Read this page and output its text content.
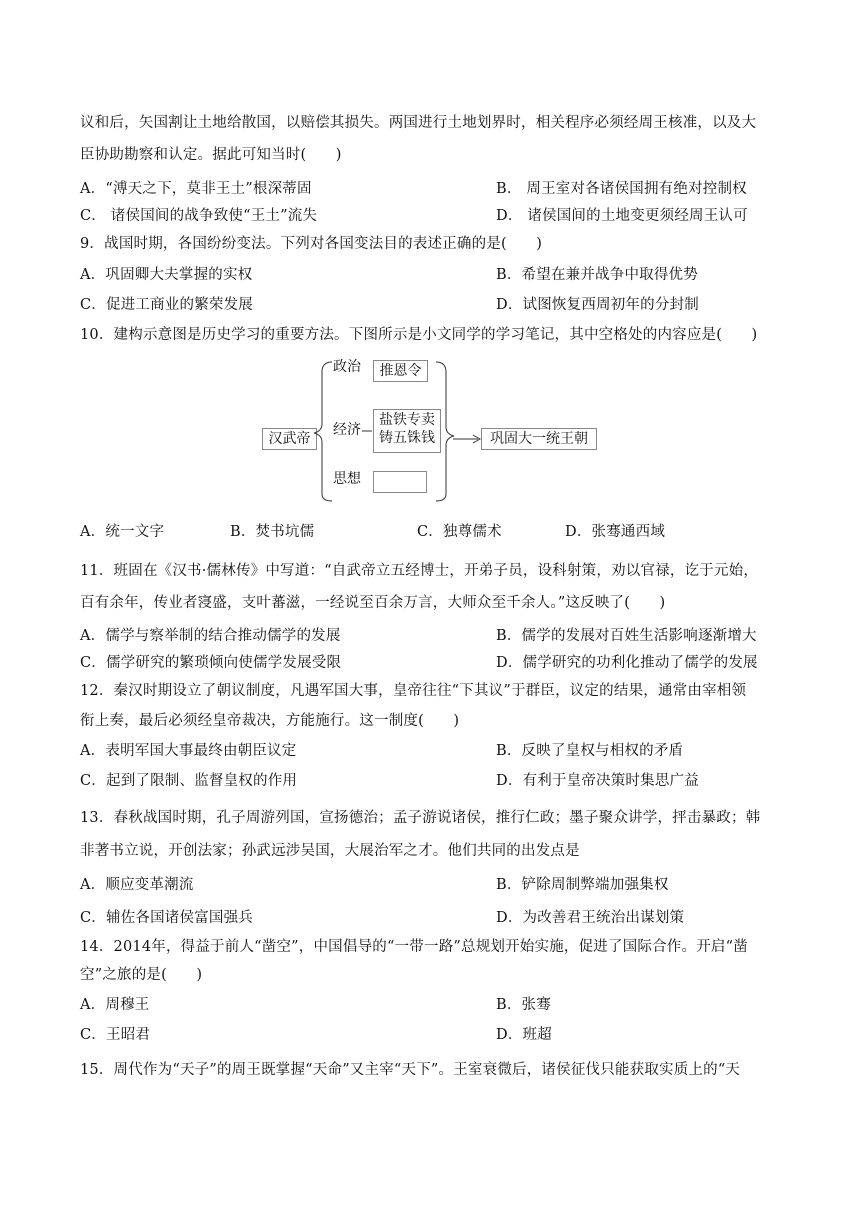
议和后，矢国割让土地给散国，以赔偿其损失。两国进行土地划界时，相关程序必须经周王核准，以及大
臣协助勘察和认定。据此可知当时(　　)
A．“溥天之下，莫非王土”根深蒂固	B． 周王室对各诸侯国拥有绝对控制权
C． 诸侯国间的战争致使“王土”流失	D． 诸侯国间的土地变更须经周王认可
9．战国时期，各国纷纷变法。下列对各国变法目的表述正确的是(　　)
A．巩固卿大夫掌握的实权	B．希望在兼并战争中取得优势
C．促进工商业的繁荣发展	D．试图恢复西周初年的分封制
10．建构示意图是历史学习的重要方法。下图所示是小文同学的学习笔记，其中空格处的内容应是(　　)
汉武帝
政治	推恩令
经济
盐铁专卖
铸五铢钱
思想
巩固大一统王朝
A．统一文字	B．焚书坑儒	C．独尊儒术	D．张骞通西域
11．班固在《汉书·儒林传》中写道：“自武帝立五经博士，开弟子员，设科射策，劝以官禄，讫于元始，
百有余年，传业者寖盛，支叶蕃滋，一经说至百余万言，大师众至千余人。”这反映了(　　)
A．儒学与察举制的结合推动儒学的发展	B．儒学的发展对百姓生活影响逐渐增大
C．儒学研究的繁琐倾向使儒学发展受限	D．儒学研究的功利化推动了儒学的发展
12．秦汉时期设立了朝议制度，凡遇军国大事，皇帝往往“下其议”于群臣，议定的结果，通常由宰相领
衔上奏，最后必须经皇帝裁决，方能施行。这一制度(　　)
A．表明军国大事最终由朝臣议定	B．反映了皇权与相权的矛盾
C．起到了限制、监督皇权的作用	D．有利于皇帝决策时集思广益
13．春秋战国时期，孔子周游列国，宣扬德治；孟子游说诸侯，推行仁政；墨子聚众讲学，抨击暴政；韩
非著书立说，开创法家；孙武远涉吴国，大展治军之才。他们共同的出发点是
A．顺应变革潮流	B．铲除周制弊端加强集权
C．辅佐各国诸侯富国强兵	D．为改善君王统治出谋划策
14．2014年，得益于前人“凿空”，中国倡导的“一带一路”总规划开始实施，促进了国际合作。开启“凿
空”之旅的是(　　)
A．周穆王	B．张骞
C．王昭君	D．班超
15．周代作为“天子”的周王既掌握“天命”又主宰“天下”。王室衰微后，诸侯征伐只能获取实质上的“天
